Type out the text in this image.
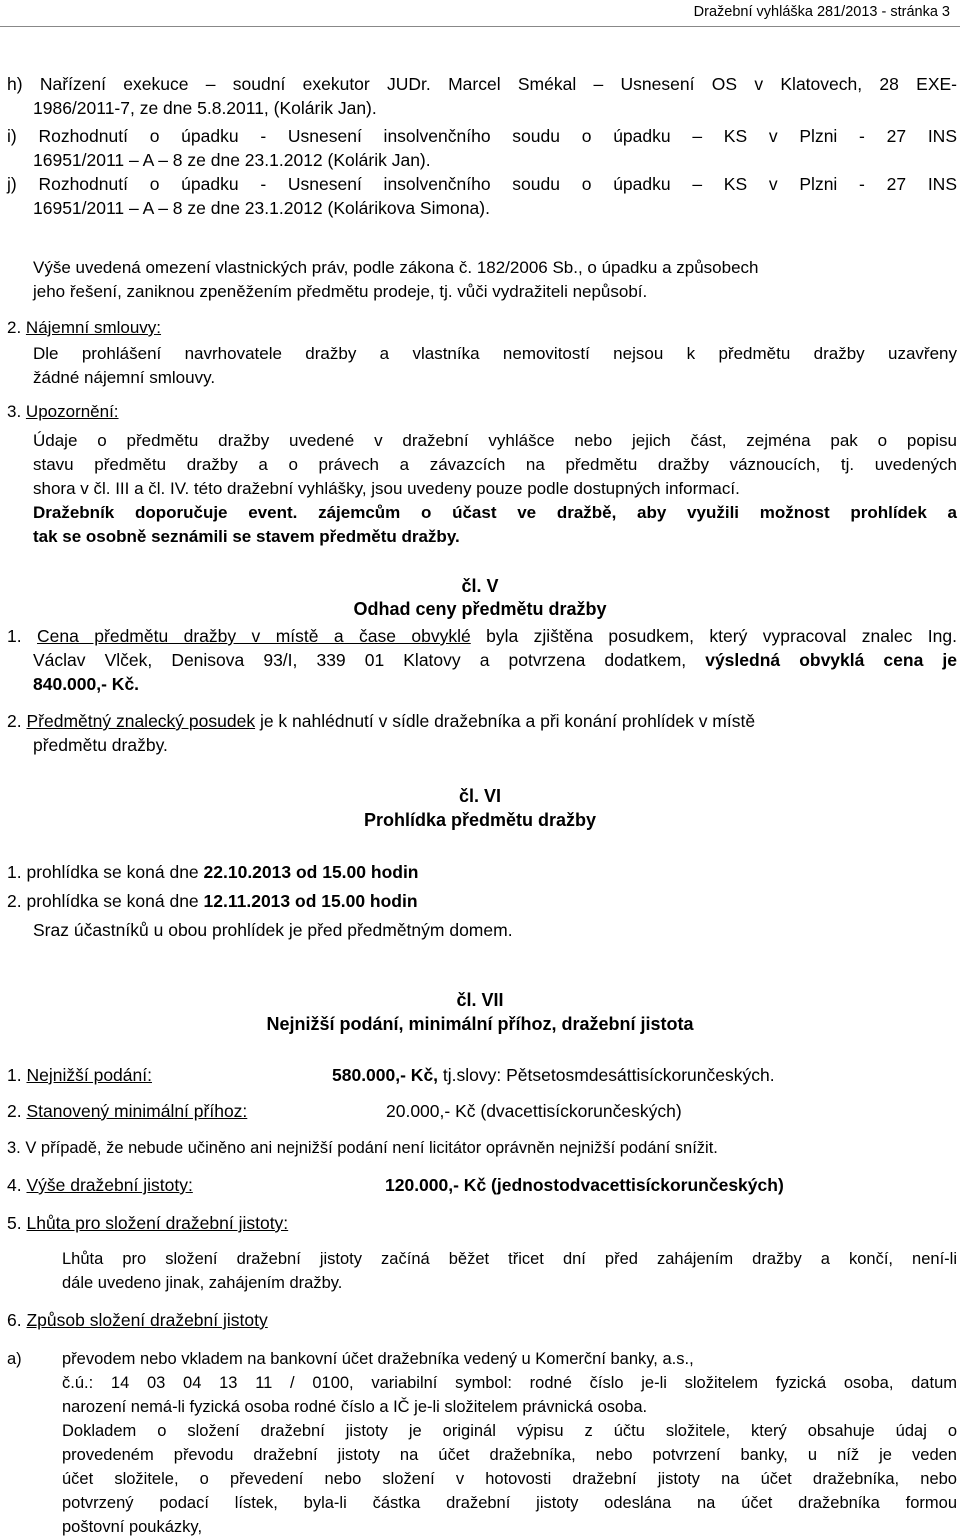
Dražební vyhláška 281/2013 - stránka 3
h) Nařízení exekuce – soudní exekutor JUDr. Marcel Smékal – Usnesení OS v Klatovech, 28 EXE-
1986/2011-7, ze dne 5.8.2011, (Kolárik Jan).
i) Rozhodnutí o úpadku - Usnesení insolvenčního soudu o úpadku – KS v Plzni - 27 INS
16951/2011 – A – 8 ze dne 23.1.2012 (Kolárik Jan).
j) Rozhodnutí o úpadku - Usnesení insolvenčního soudu o úpadku – KS v Plzni - 27 INS
16951/2011 – A – 8 ze dne 23.1.2012 (Kolárikova Simona).
Výše uvedená omezení vlastnických práv, podle zákona č. 182/2006 Sb., o úpadku a způsobech
jeho řešení, zaniknou zpeněžením předmětu prodeje, tj. vůči vydražiteli nepůsobí.
2. Nájemní smlouvy:
Dle prohlášení navrhovatele dražby a vlastníka nemovitostí nejsou k předmětu dražby uzavřeny
žádné nájemní smlouvy.
3. Upozornění:
Údaje o předmětu dražby uvedené v dražební vyhlášce nebo jejich část, zejména pak o popisu
stavu předmětu dražby a o právech a závazcích na předmětu dražby váznoucích, tj. uvedených
shora v čl. III a čl. IV. této dražební vyhlášky, jsou uvedeny pouze podle dostupných informací.
Dražebník doporučuje event. zájemcům o účast ve dražbě, aby využili možnost prohlídek a
tak se osobně seznámili se stavem předmětu dražby.
čl. V
Odhad ceny předmětu dražby
1. Cena předmětu dražby v místě a čase obvyklé byla zjištěna posudkem, který vypracoval znalec Ing.
Václav Vlček, Denisova 93/I, 339 01 Klatovy a potvrzena dodatkem, výsledná obvyklá cena je
840.000,- Kč.
2. Předmětný znalecký posudek je k nahlédnutí v sídle dražebníka a při konání prohlídek v místě
předmětu dražby.
čl. VI
Prohlídka předmětu dražby
1. prohlídka se koná dne 22.10.2013 od 15.00 hodin
2. prohlídka se koná dne 12.11.2013 od 15.00 hodin
Sraz účastníků u obou prohlídek je před předmětným domem.
čl. VII
Nejnižší podání, minimální příhoz, dražební jistota
1. Nejnižší podání:	580.000,- Kč, tj.slovy: Pětsetosmdesáttisíckorunčeských.
2. Stanovený minimální příhoz:	20.000,- Kč (dvacettisíckorunčeských)
3. V případě, že nebude učiněno ani nejnižší podání není licitátor oprávněn nejnižší podání snížit.
4. Výše dražební jistoty:	120.000,- Kč (jednostodvacettisíckorunčeských)
5. Lhůta pro složení dražební jistoty:
Lhůta pro složení dražební jistoty začíná běžet třicet dní před zahájením dražby a končí, není-li
dále uvedeno jinak, zahájením dražby.
6. Způsob složení dražební jistoty
a) převodem nebo vkladem na bankovní účet dražebníka vedený u Komerční banky, a.s.,
č.ú.: 14 03 04 13 11 / 0100, variabilní symbol: rodné číslo je-li složitelem fyzická osoba, datum
narození nemá-li fyzická osoba rodné číslo a IČ je-li složitelem právnická osoba.
Dokladem o složení dražební jistoty je originál výpisu z účtu složitele, který obsahuje údaj o
provedeném převodu dražební jistoty na účet dražebníka, nebo potvrzení banky, u níž je veden
účet složitele, o převedení nebo složení v hotovosti dražební jistoty na účet dražebníka, nebo
potvrzený podací lístek, byla-li částka dražební jistoty odeslána na účet dražebníka formou
poštovní poukázky,
